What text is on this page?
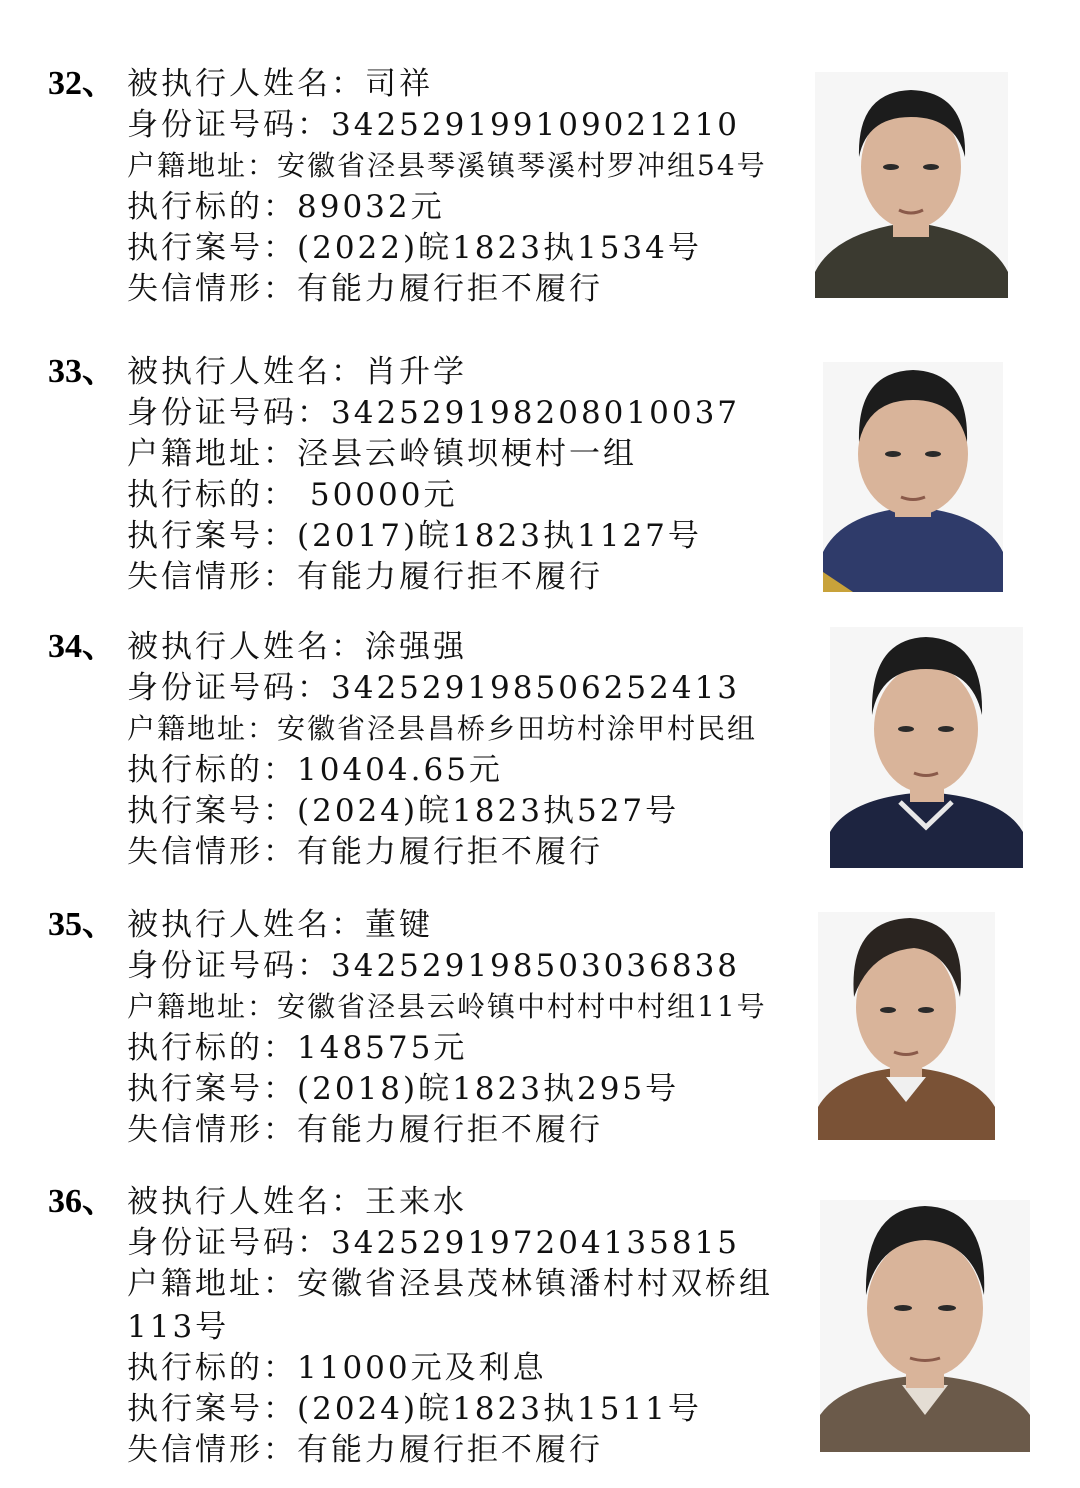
32、 被执行人姓名：司祥
身份证号码：342529199109021210
户籍地址：安徽省泾县琴溪镇琴溪村罗冲组54号
执行标的：89032元
执行案号：(2022)皖1823执1534号
失信情形：有能力履行拒不履行
33、 被执行人姓名：肖升学
身份证号码：342529198208010037
户籍地址：泾县云岭镇坝梗村一组
执行标的： 50000元
执行案号：(2017)皖1823执1127号
失信情形：有能力履行拒不履行
34、 被执行人姓名：涂强强
身份证号码：342529198506252413
户籍地址：安徽省泾县昌桥乡田坊村涂甲村民组
执行标的：10404.65元
执行案号：(2024)皖1823执527号
失信情形：有能力履行拒不履行
35、 被执行人姓名：董键
身份证号码：342529198503036838
户籍地址：安徽省泾县云岭镇中村村中村组11号
执行标的：148575元
执行案号：(2018)皖1823执295号
失信情形：有能力履行拒不履行
36、 被执行人姓名：王来水
身份证号码：342529197204135815
户籍地址：安徽省泾县茂林镇潘村村双桥组
113号
执行标的：11000元及利息
执行案号：(2024)皖1823执1511号
失信情形：有能力履行拒不履行
